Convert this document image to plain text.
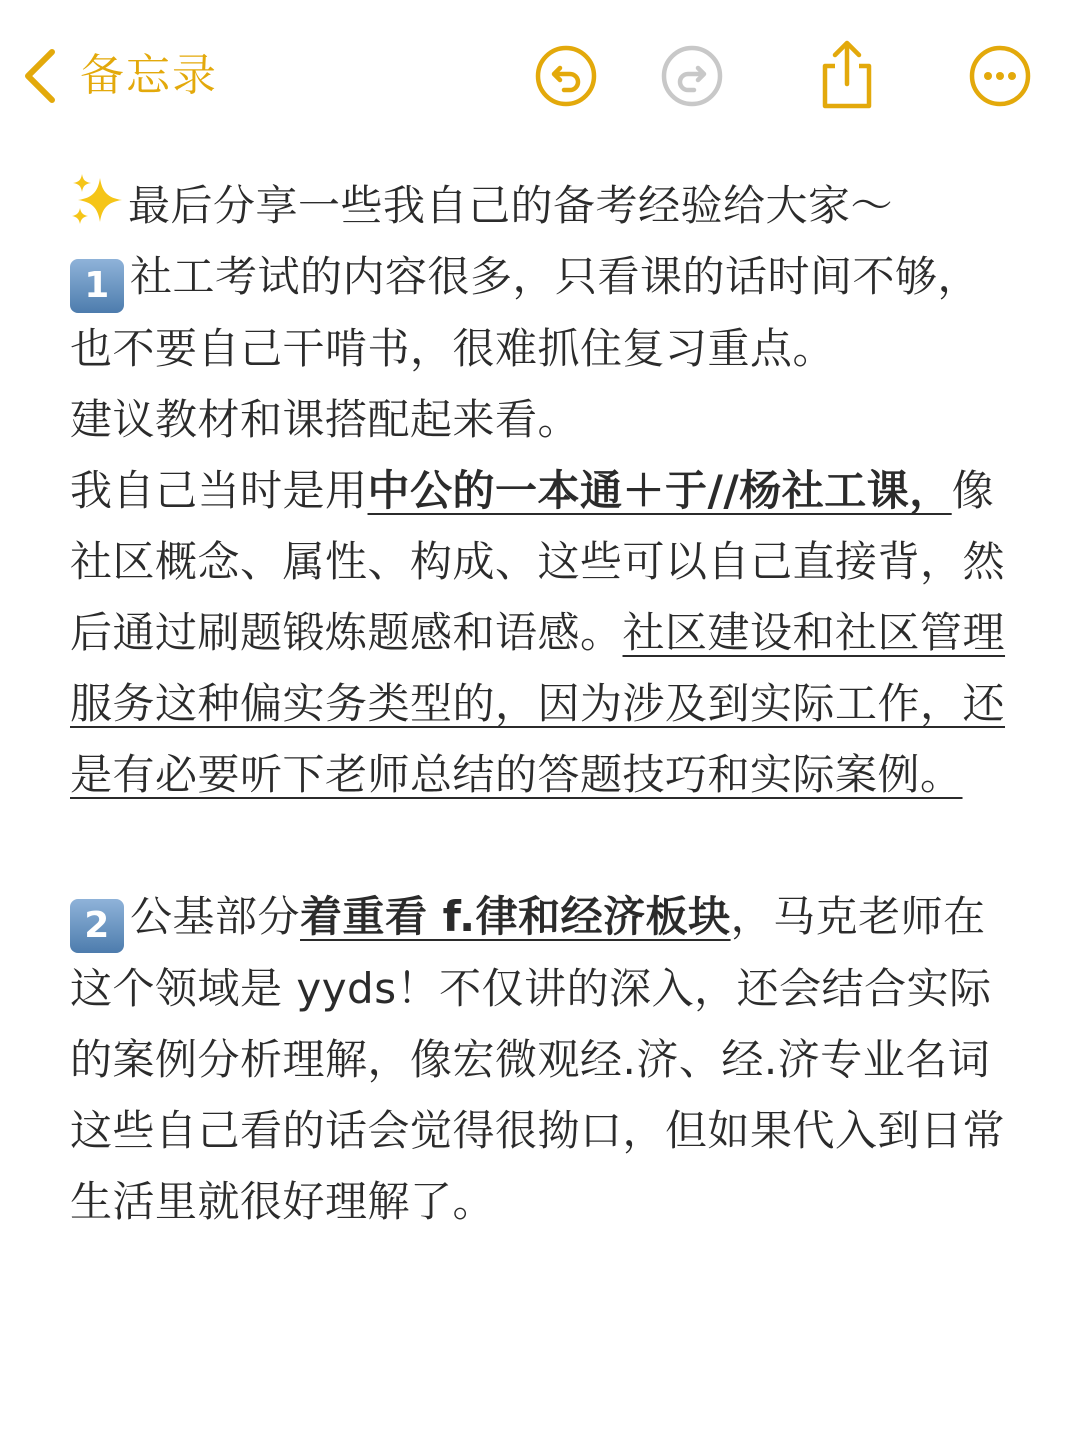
备忘录

最后分享一些我自己的备考经验给大家～

1 社工考试的内容很多，只看课的话时间不够，也不要自己干啃书，很难抓住复习重点。

建议教材和课搭配起来看。

我自己当时是用中公的一本通＋于//杨社工课，像社区概念、属性、构成、这些可以自己直接背，然后通过刷题锻炼题感和语感。社区建设和社区管理服务这种偏实务类型的，因为涉及到实际工作，还是有必要听下老师总结的答题技巧和实际案例。

2 公基部分着重看 f.律和经济板块，马克老师在这个领域是 yyds！不仅讲的深入，还会结合实际的案例分析理解，像宏微观经.济、经.济专业名词这些自己看的话会觉得很拗口，但如果代入到日常生活里就很好理解了。
